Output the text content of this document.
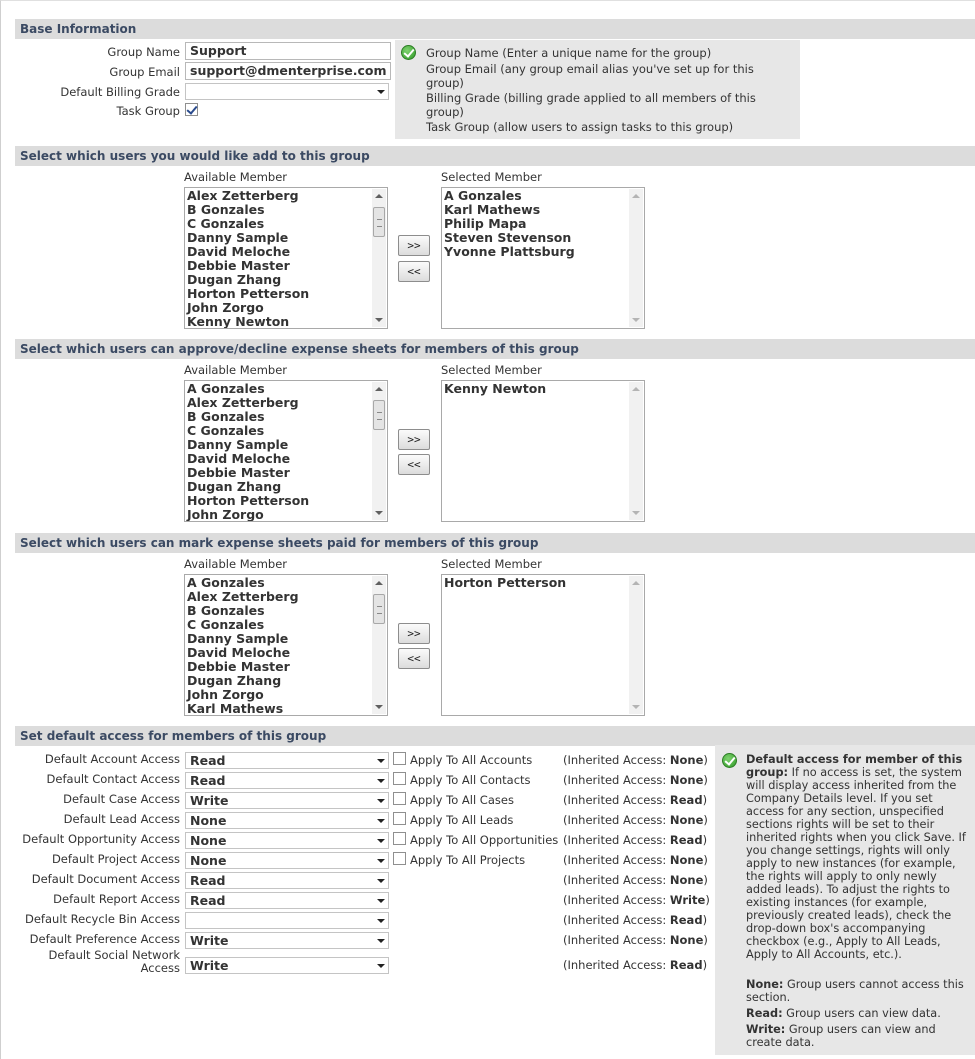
Base Information
Group Name Support
Group Email support@dmenterprise.com
Default Billing Grade
Task Group
Group Name (Enter a unique name for the group)
Group Email (any group email alias you've set up for this
group)
Billing Grade (billing grade applied to all members of this
group)
Task Group (allow users to assign tasks to this group)
Select which users you would like add to this group
Available Member	Selected Member
Alex Zetterberg
B Gonzales
C Gonzales
Danny Sample
David Meloche
Debbie Master
Dugan Zhang
Horton Petterson
John Zorgo
Kenny Newton
>>
<<
A Gonzales
Karl Mathews
Philip Mapa
Steven Stevenson
Yvonne Plattsburg
Select which users can approve/decline expense sheets for members of this group
Available Member	Selected Member
A Gonzales
Alex Zetterberg
B Gonzales
C Gonzales
Danny Sample
David Meloche
Debbie Master
Dugan Zhang
Horton Petterson
John Zorgo
>>
<<
Kenny Newton
Select which users can mark expense sheets paid for members of this group
Available Member	Selected Member
A Gonzales
Alex Zetterberg
B Gonzales
C Gonzales
Danny Sample
David Meloche
Debbie Master
Dugan Zhang
John Zorgo
Karl Mathews
>>
<<
Horton Petterson
Set default access for members of this group
Default Account Access Read	Apply To All Accounts	(Inherited Access: None)
Default Contact Access Read	Apply To All Contacts	(Inherited Access: None)
Default Case Access Write	Apply To All Cases	(Inherited Access: Read)
Default Lead Access None	Apply To All Leads	(Inherited Access: None)
Default Opportunity Access None	Apply To All Opportunities (Inherited Access: Read)
Default Project Access None	Apply To All Projects	(Inherited Access: None)
Default Document Access Read	(Inherited Access: None)
Default Report Access Read	(Inherited Access: Write)
Default Recycle Bin Access	(Inherited Access: Read)
Default Preference Access Write	(Inherited Access: None)
Default Social Network Access Write	(Inherited Access: Read)
Default access for member of this group: If no access is set, the system will display access inherited from the Company Details level. If you set access for any section, unspecified sections rights will be set to their inherited rights when you click Save. If you change settings, rights will only apply to new instances (for example, the rights will apply to only newly added leads). To adjust the rights to existing instances (for example, previously created leads), check the drop-down box's accompanying checkbox (e.g., Apply to All Leads, Apply to All Accounts, etc.).
None: Group users cannot access this section.
Read: Group users can view data.
Write: Group users can view and create data.
